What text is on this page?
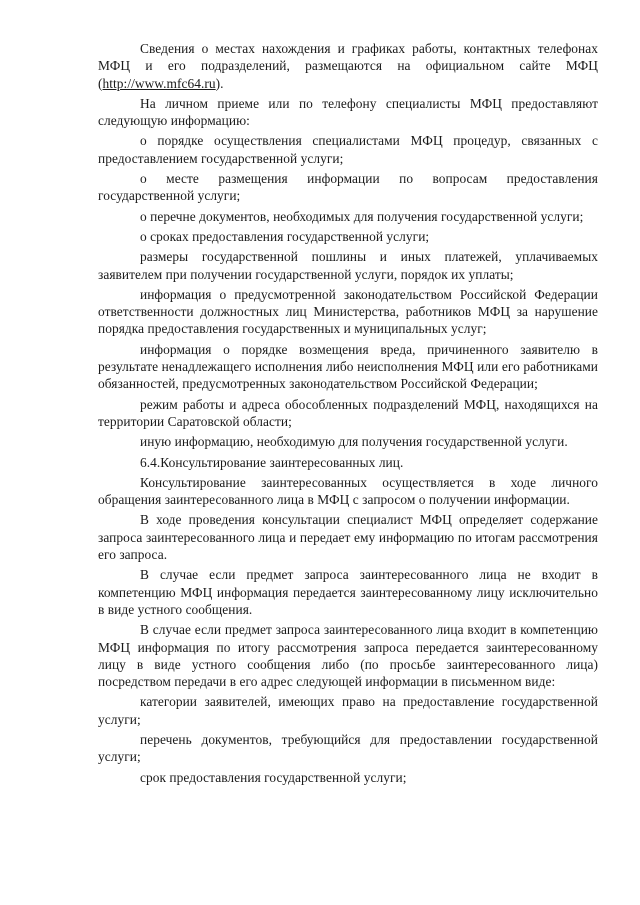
Сведения о местах нахождения и графиках работы, контактных телефонах МФЦ и его подразделений, размещаются на официальном сайте МФЦ (http://www.mfc64.ru).

На личном приеме или по телефону специалисты МФЦ предоставляют следующую информацию:

о порядке осуществления специалистами МФЦ процедур, связанных с предоставлением государственной услуги;

о месте размещения информации по вопросам предоставления государственной услуги;

о перечне документов, необходимых для получения государственной услуги;

о сроках предоставления государственной услуги;

размеры государственной пошлины и иных платежей, уплачиваемых заявителем при получении государственной услуги, порядок их уплаты;

информация о предусмотренной законодательством Российской Федерации ответственности должностных лиц Министерства, работников МФЦ за нарушение порядка предоставления государственных и муниципальных услуг;

информация о порядке возмещения вреда, причиненного заявителю в результате ненадлежащего исполнения либо неисполнения МФЦ или его работниками обязанностей, предусмотренных законодательством Российской Федерации;

режим работы и адреса обособленных подразделений МФЦ, находящихся на территории Саратовской области;

иную информацию, необходимую для получения государственной услуги.

6.4.Консультирование заинтересованных лиц.

Консультирование заинтересованных осуществляется в ходе личного обращения заинтересованного лица в МФЦ с запросом о получении информации.

В ходе проведения консультации специалист МФЦ определяет содержание запроса заинтересованного лица и передает ему информацию по итогам рассмотрения его запроса.

В случае если предмет запроса заинтересованного лица не входит в компетенцию МФЦ информация передается заинтересованному лицу исключительно в виде устного сообщения.

В случае если предмет запроса заинтересованного лица входит в компетенцию МФЦ информация по итогу рассмотрения запроса передается заинтересованному лицу в виде устного сообщения либо (по просьбе заинтересованного лица) посредством передачи в его адрес следующей информации в письменном виде:

категории заявителей, имеющих право на предоставление государственной услуги;

перечень документов, требующийся для предоставлении государственной услуги;

срок предоставления государственной услуги;
